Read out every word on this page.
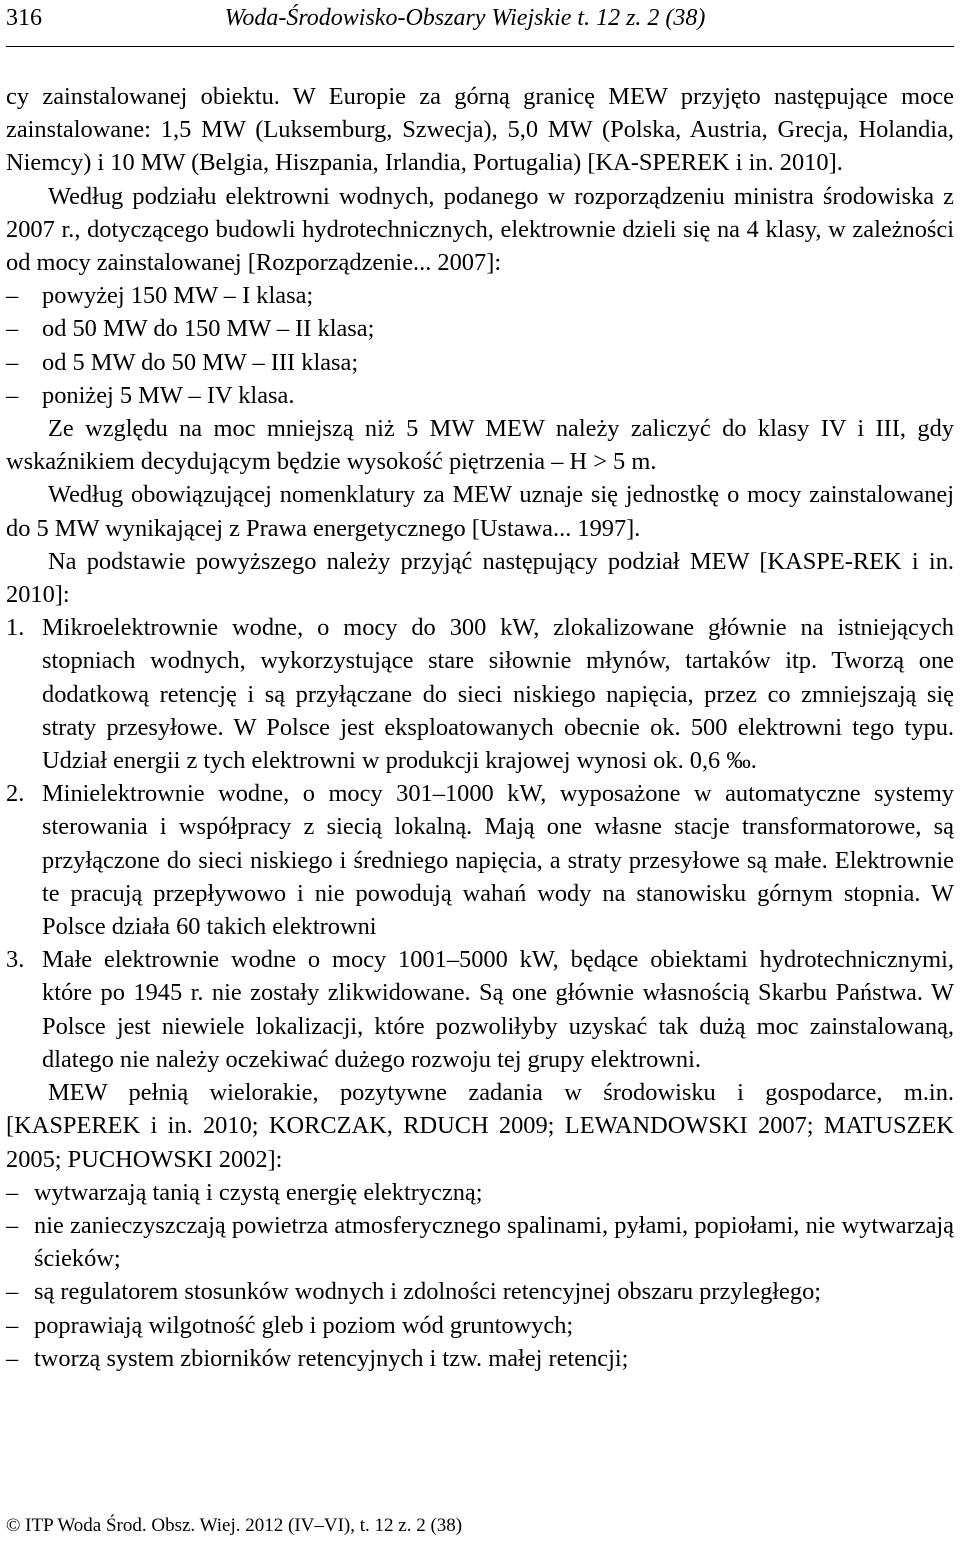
316	Woda-Środowisko-Obszary Wiejskie t. 12 z. 2 (38)

cy zainstalowanej obiektu. W Europie za górną granicę MEW przyjęto następujące moce zainstalowane: 1,5 MW (Luksemburg, Szwecja), 5,0 MW (Polska, Austria, Grecja, Holandia, Niemcy) i 10 MW (Belgia, Hiszpania, Irlandia, Portugalia) [KA-SPEREK i in. 2010].

Według podziału elektrowni wodnych, podanego w rozporządzeniu ministra środowiska z 2007 r., dotyczącego budowli hydrotechnicznych, elektrownie dzieli się na 4 klasy, w zależności od mocy zainstalowanej [Rozporządzenie... 2007]:

– powyżej 150 MW – I klasa;
– od 50 MW do 150 MW – II klasa;
– od 5 MW do 50 MW – III klasa;
– poniżej 5 MW – IV klasa.

Ze względu na moc mniejszą niż 5 MW MEW należy zaliczyć do klasy IV i III, gdy wskaźnikiem decydującym będzie wysokość piętrzenia – H > 5 m.

Według obowiązującej nomenklatury za MEW uznaje się jednostkę o mocy zainstalowanej do 5 MW wynikającej z Prawa energetycznego [Ustawa... 1997].

Na podstawie powyższego należy przyjąć następujący podział MEW [KASPE-REK i in. 2010]:

1. Mikroelektrownie wodne, o mocy do 300 kW, zlokalizowane głównie na istniejących stopniach wodnych, wykorzystujące stare siłownie młynów, tartaków itp. Tworzą one dodatkową retencję i są przyłączane do sieci niskiego napięcia, przez co zmniejszają się straty przesyłowe. W Polsce jest eksploatowanych obecnie ok. 500 elektrowni tego typu. Udział energii z tych elektrowni w produkcji krajowej wynosi ok. 0,6 ‰.
2. Minielektrownie wodne, o mocy 301–1000 kW, wyposażone w automatyczne systemy sterowania i współpracy z siecią lokalną. Mają one własne stacje transformatorowe, są przyłączone do sieci niskiego i średniego napięcia, a straty przesyłowe są małe. Elektrownie te pracują przepływowo i nie powodują wahań wody na stanowisku górnym stopnia. W Polsce działa 60 takich elektrowni
3. Małe elektrownie wodne o mocy 1001–5000 kW, będące obiektami hydrotechnicznymi, które po 1945 r. nie zostały zlikwidowane. Są one głównie własnością Skarbu Państwa. W Polsce jest niewiele lokalizacji, które pozwoliłyby uzyskać tak dużą moc zainstalowaną, dlatego nie należy oczekiwać dużego rozwoju tej grupy elektrowni.

MEW pełnią wielorakie, pozytywne zadania w środowisku i gospodarce, m.in. [KASPEREK i in. 2010; KORCZAK, RDUCH 2009; LEWANDOWSKI 2007; MATUSZEK 2005; PUCHOWSKI 2002]:

– wytwarzają tanią i czystą energię elektryczną;
– nie zanieczyszczają powietrza atmosferycznego spalinami, pyłami, popiołami, nie wytwarzają ścieków;
– są regulatorem stosunków wodnych i zdolności retencyjnej obszaru przyległego;
– poprawiają wilgotność gleb i poziom wód gruntowych;
– tworzą system zbiorników retencyjnych i tzw. małej retencji;
© ITP Woda Środ. Obsz. Wiej. 2012 (IV–VI), t. 12 z. 2 (38)
